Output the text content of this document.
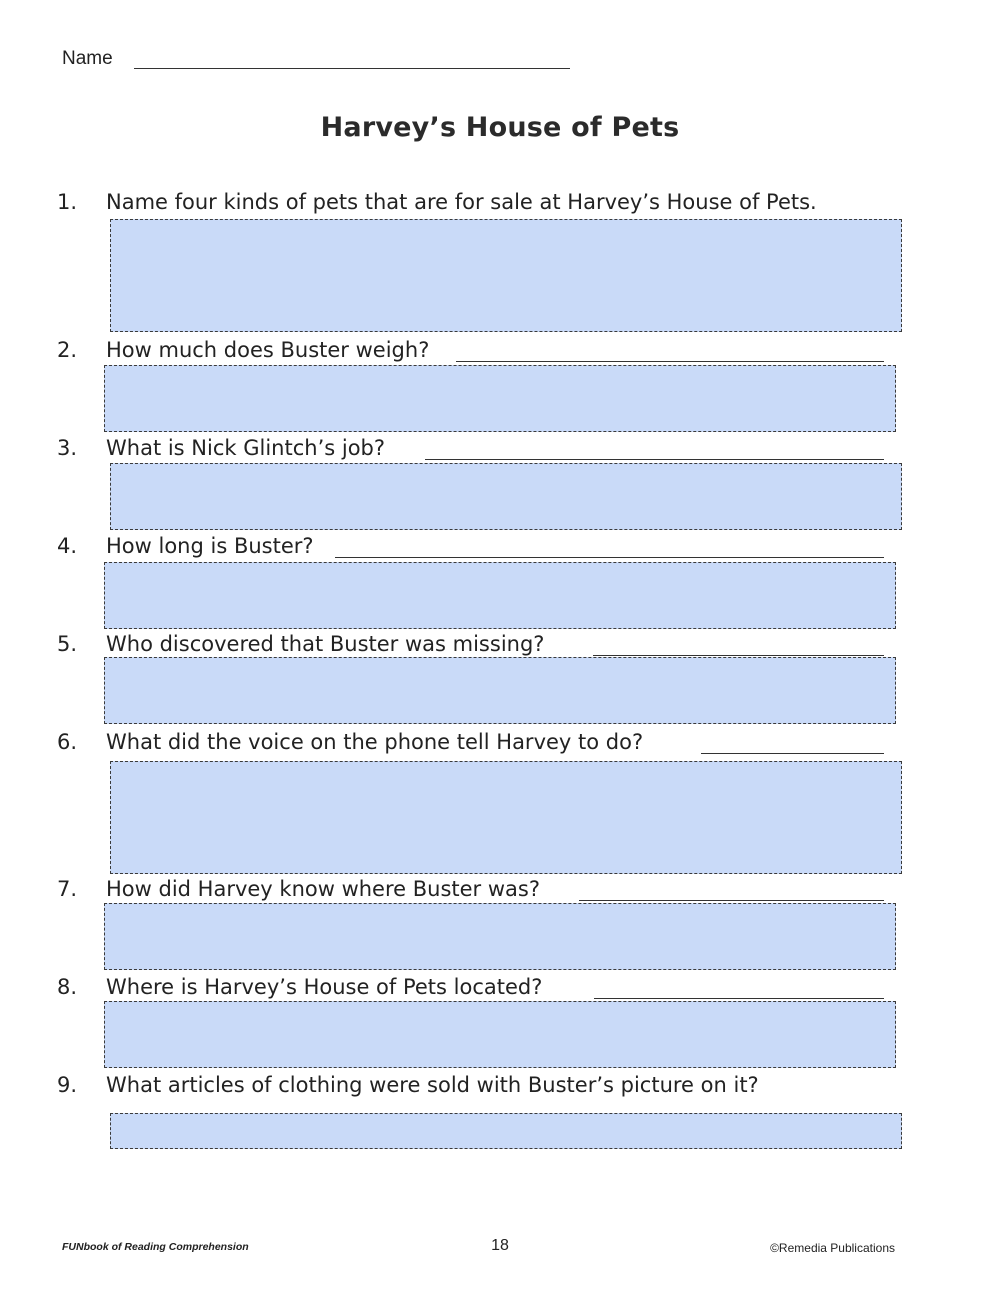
Name
Harvey’s House of Pets
1. Name four kinds of pets that are for sale at Harvey’s House of Pets.
2. How much does Buster weigh?
3. What is Nick Glintch’s job?
4. How long is Buster?
5. Who discovered that Buster was missing?
6. What did the voice on the phone tell Harvey to do?
7. How did Harvey know where Buster was?
8. Where is Harvey’s House of Pets located?
9. What articles of clothing were sold with Buster’s picture on it?
FUNbook of Reading Comprehension	18	©Remedia Publications
